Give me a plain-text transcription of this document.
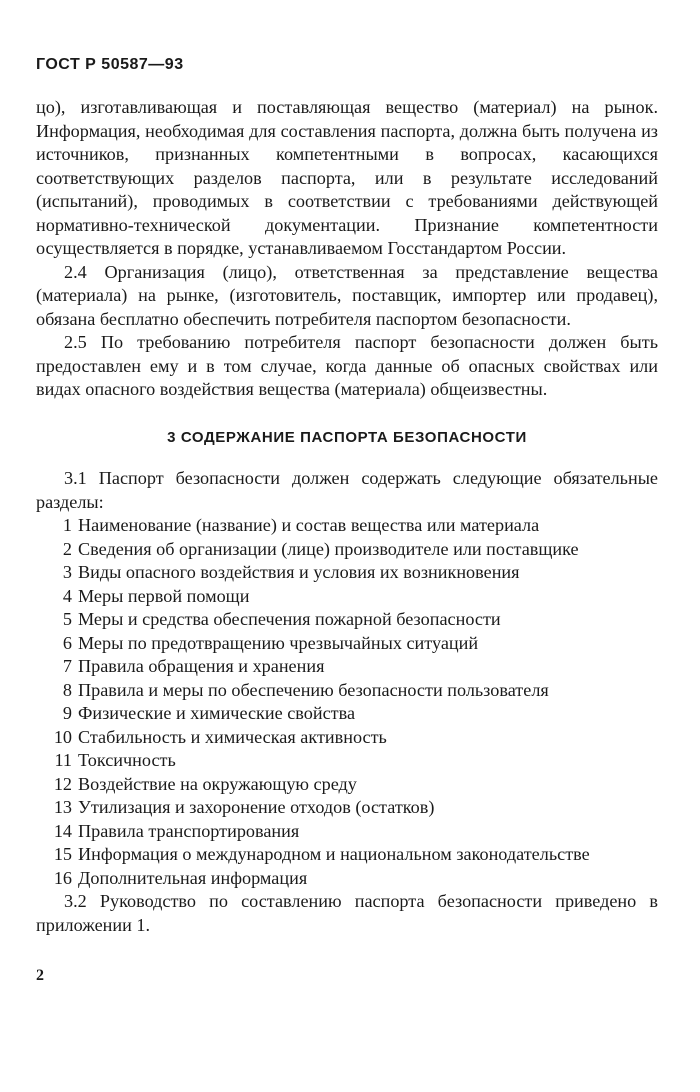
ГОСТ Р 50587—93

цо), изготавливающая и поставляющая вещество (материал) на рынок. Информация, необходимая для составления паспорта, должна быть получена из источников, признанных компетентными в вопросах, касающихся соответствующих разделов паспорта, или в результате исследований (испытаний), проводимых в соответствии с требованиями действующей нормативно-технической документации. Признание компетентности осуществляется в порядке, устанавливаемом Госстандартом России.

2.4 Организация (лицо), ответственная за представление вещества (материала) на рынке, (изготовитель, поставщик, импортер или продавец), обязана бесплатно обеспечить потребителя паспортом безопасности.

2.5 По требованию потребителя паспорт безопасности должен быть предоставлен ему и в том случае, когда данные об опасных свойствах или видах опасного воздействия вещества (материала) общеизвестны.

3 СОДЕРЖАНИЕ ПАСПОРТА БЕЗОПАСНОСТИ

3.1 Паспорт безопасности должен содержать следующие обязательные разделы:

1 Наименование (название) и состав вещества или материала
2 Сведения об организации (лице) производителе или поставщике
3 Виды опасного воздействия и условия их возникновения
4 Меры первой помощи
5 Меры и средства обеспечения пожарной безопасности
6 Меры по предотвращению чрезвычайных ситуаций
7 Правила обращения и хранения
8 Правила и меры по обеспечению безопасности пользователя
9 Физические и химические свойства
10 Стабильность и химическая активность
11 Токсичность
12 Воздействие на окружающую среду
13 Утилизация и захоронение отходов (остатков)
14 Правила транспортирования
15 Информация о международном и национальном законодательстве
16 Дополнительная информация

3.2 Руководство по составлению паспорта безопасности приведено в приложении 1.

2
